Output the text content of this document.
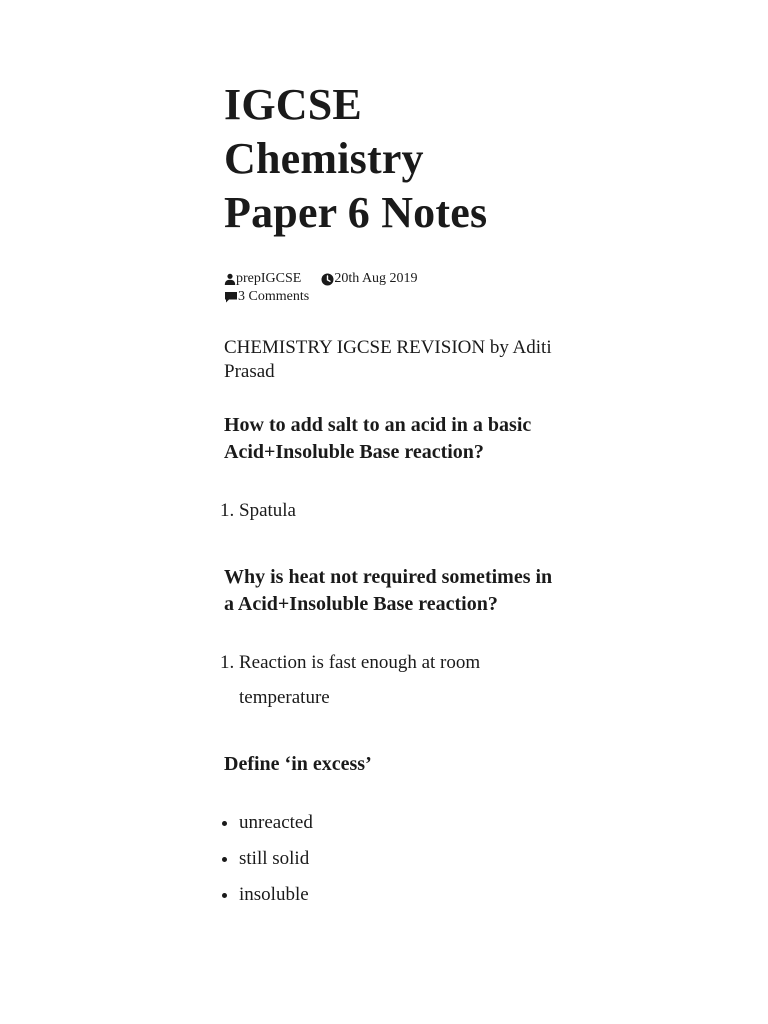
IGCSE
Chemistry
Paper 6 Notes
prepIGCSE 20th Aug 2019
3 Comments

CHEMISTRY IGCSE REVISION by Aditi Prasad

How to add salt to an acid in a basic Acid+Insoluble Base reaction?
1. Spatula
Why is heat not required sometimes in a Acid+Insoluble Base reaction?
1. Reaction is fast enough at room temperature
Define ‘in excess’
• unreacted
• still solid
• insoluble
